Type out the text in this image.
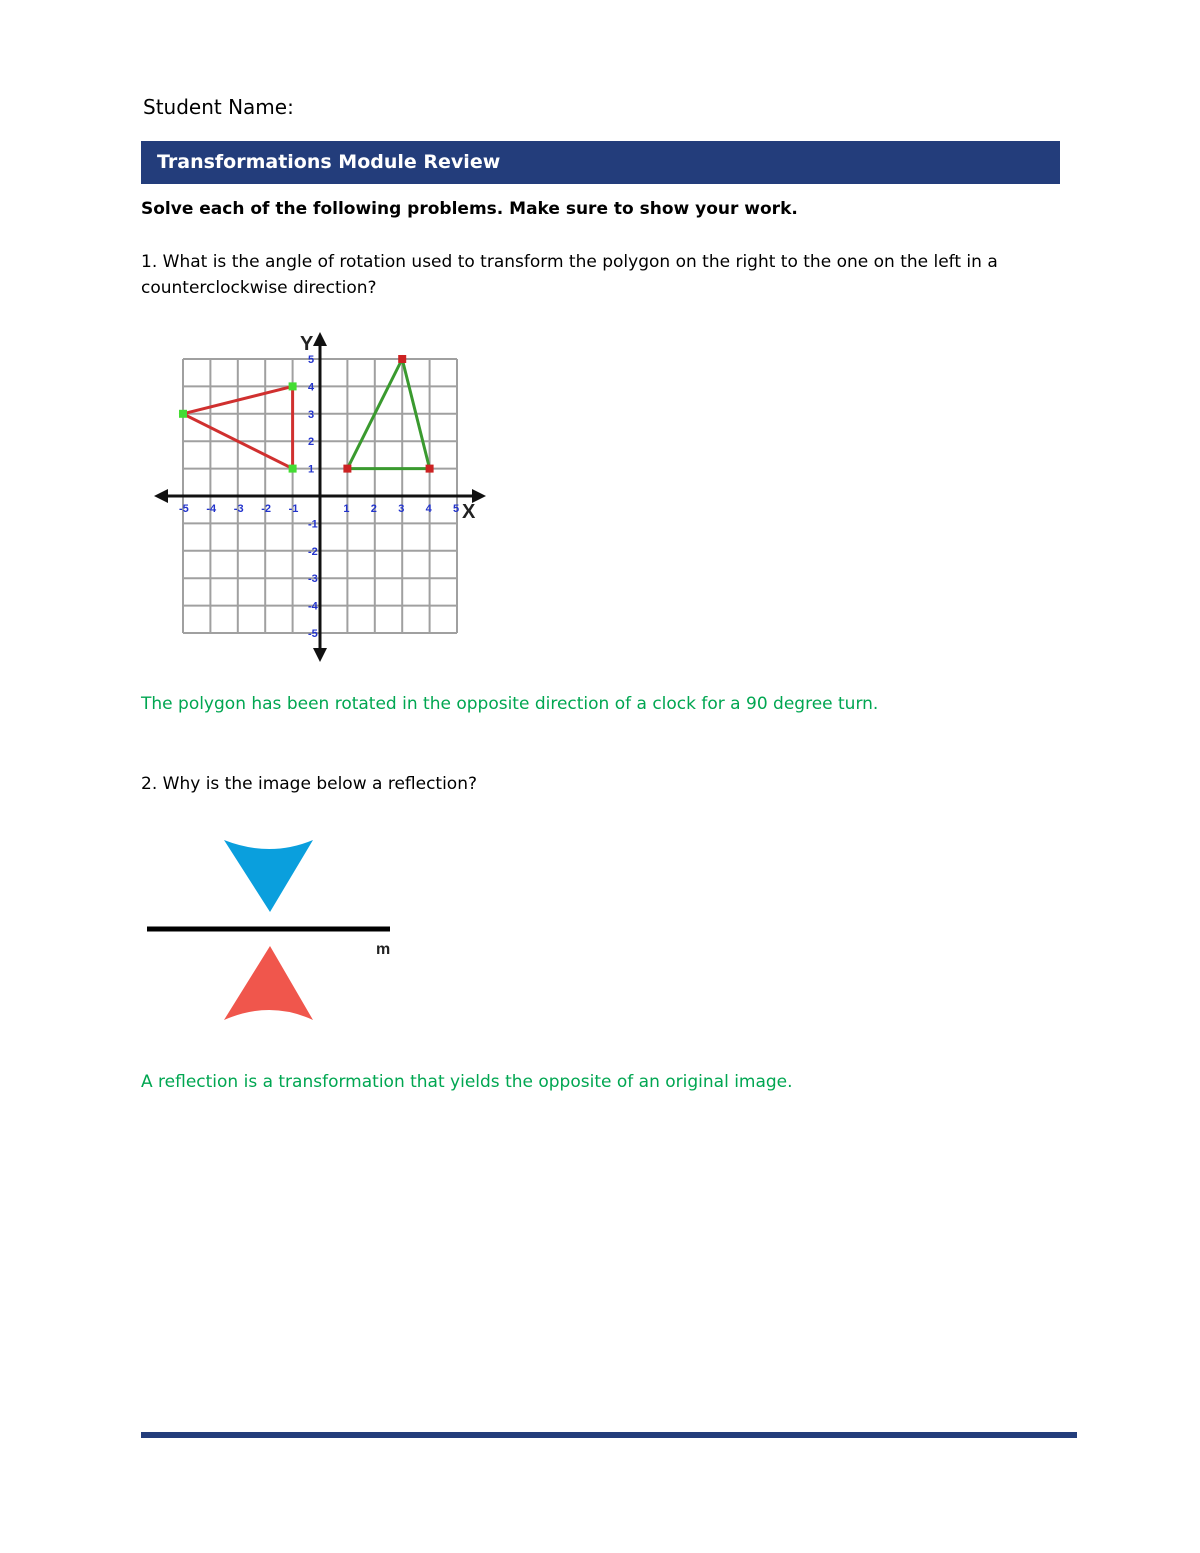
Student Name:
Transformations Module Review
Solve each of the following problems. Make sure to show your work.
1. What is the angle of rotation used to transform the polygon on the right to the one on the left in a counterclockwise direction?
-5 -4 -3 -2 -1	1 2 3 4 5
5
4
3
2
1
-1
-2
-3
-4
-5
X
Y
The polygon has been rotated in the opposite direction of a clock for a 90 degree turn.
2. Why is the image below a reflection?
m
A reflection is a transformation that yields the opposite of an original image.
